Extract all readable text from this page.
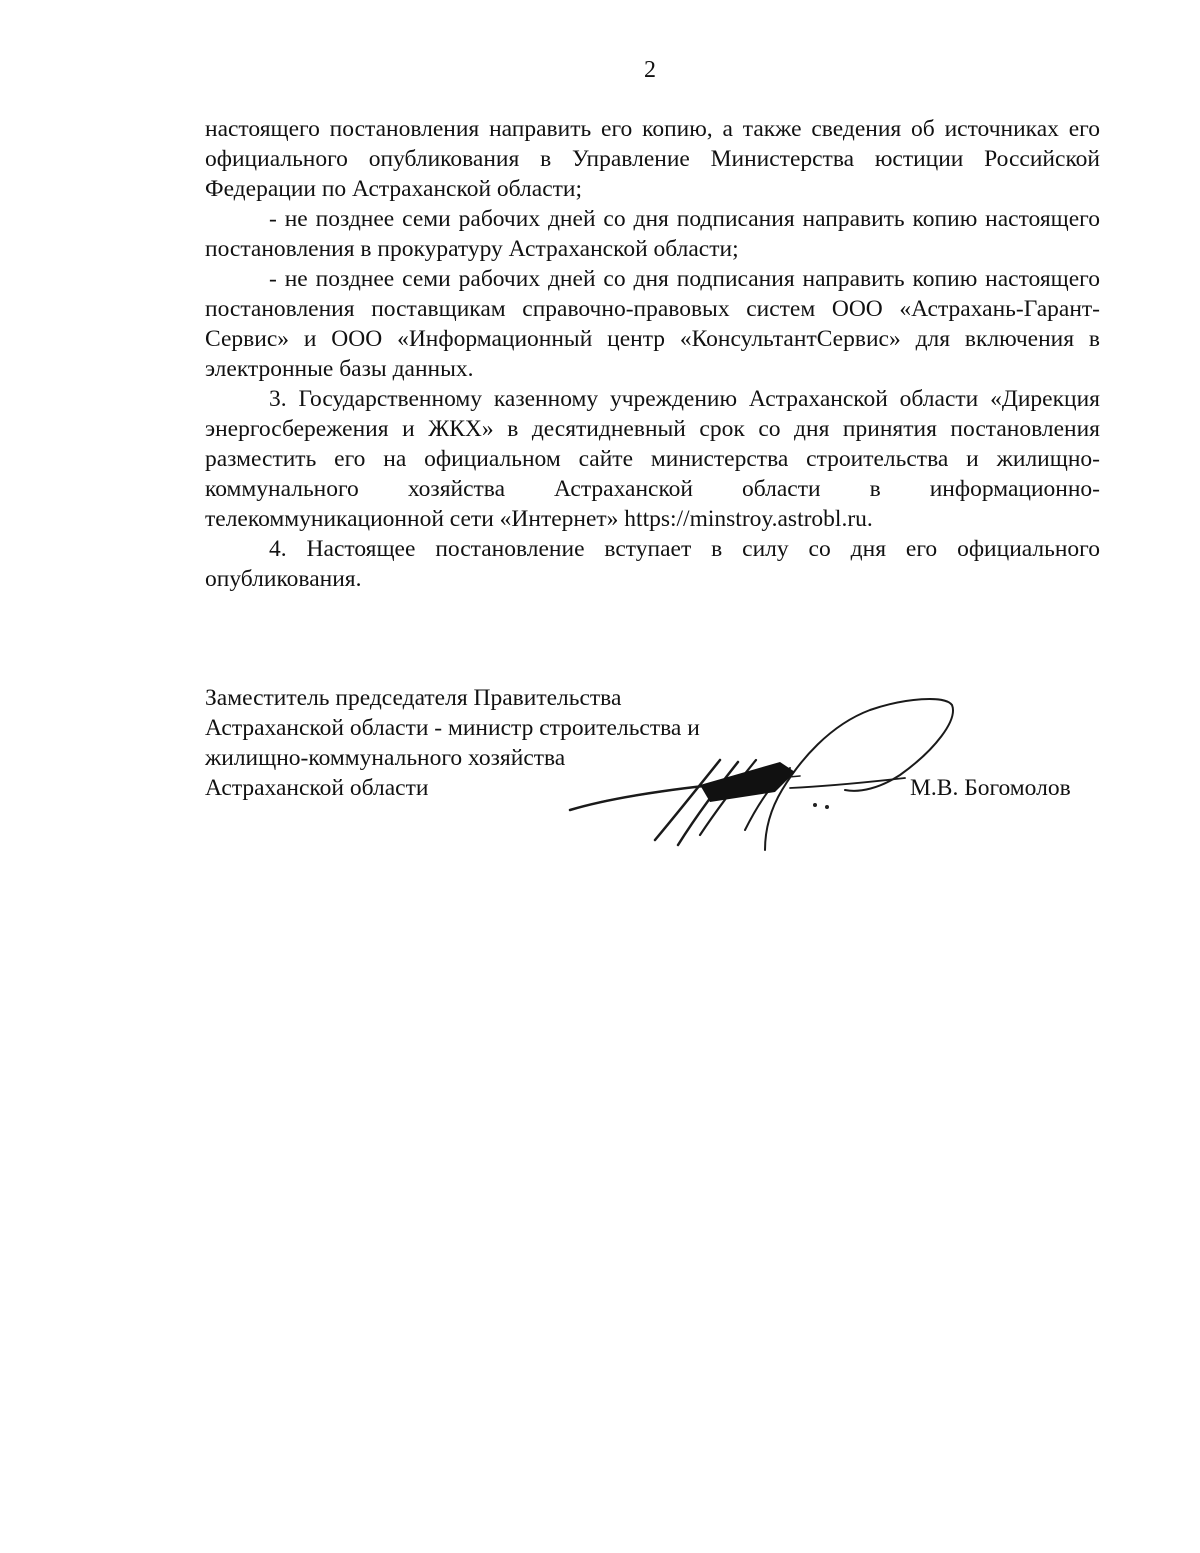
2

настоящего постановления направить его копию, а также сведения об источниках его официального опубликования в Управление Министерства юстиции Российской Федерации по Астраханской области;

- не позднее семи рабочих дней со дня подписания направить копию настоящего постановления в прокуратуру Астраханской области;

- не позднее семи рабочих дней со дня подписания направить копию настоящего постановления поставщикам справочно-правовых систем ООО «Астрахань-Гарант-Сервис» и ООО «Информационный центр «КонсультантСервис» для включения в электронные базы данных.

3. Государственному казенному учреждению Астраханской области «Дирекция энергосбережения и ЖКХ» в десятидневный срок со дня принятия постановления разместить его на официальном сайте министерства строительства и жилищно-коммунального хозяйства Астраханской области в информационно-телекоммуникационной сети «Интернет» https://minstroy.astrobl.ru.

4. Настоящее постановление вступает в силу со дня его официального опубликования.

Заместитель председателя Правительства
Астраханской области - министр строительства и
жилищно-коммунального хозяйства
Астраханской области	М.В. Богомолов
